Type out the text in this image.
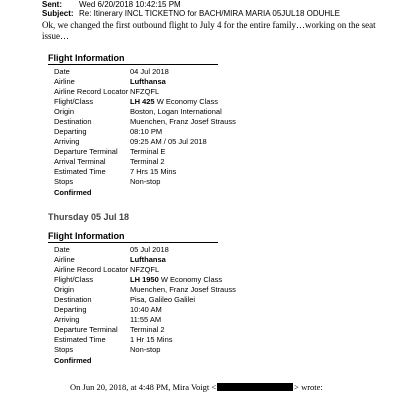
Sent: Wed 6/20/2018 10:42:15 PM
Subject: Re: Itinerary INCL TICKETNO for BACH/MIRA MARIA 05JUL18 ODUHLE
Ok, we changed the first outbound flight to July 4 for the entire family…working on the seat issue…
Flight Information
Date	04 Jul 2018
Airline	Lufthansa
Airline Record Locator NFZQFL
Flight/Class	LH 425 W Economy Class
Origin	Boston, Logan International
Destination	Muenchen, Franz Josef Strauss
Departing	08:10 PM
Arriving	09:25 AM / 05 Jul 2018
Departure Terminal Terminal E
Arrival Terminal	Terminal 2
Estimated Time	7 Hrs 15 Mins
Stops	Non-stop
Confirmed
Thursday 05 Jul 18
Flight Information
Date	05 Jul 2018
Airline	Lufthansa
Airline Record Locator NFZQFL
Flight/Class	LH 1950 W Economy Class
Origin	Muenchen, Franz Josef Strauss
Destination	Pisa, Galileo Galilei
Departing	10:40 AM
Arriving	11:55 AM
Departure Terminal Terminal 2
Estimated Time	1 Hr 15 Mins
Stops	Non-stop
Confirmed
On Jun 20, 2018, at 4:48 PM, Mira Voigt <	> wrote:
